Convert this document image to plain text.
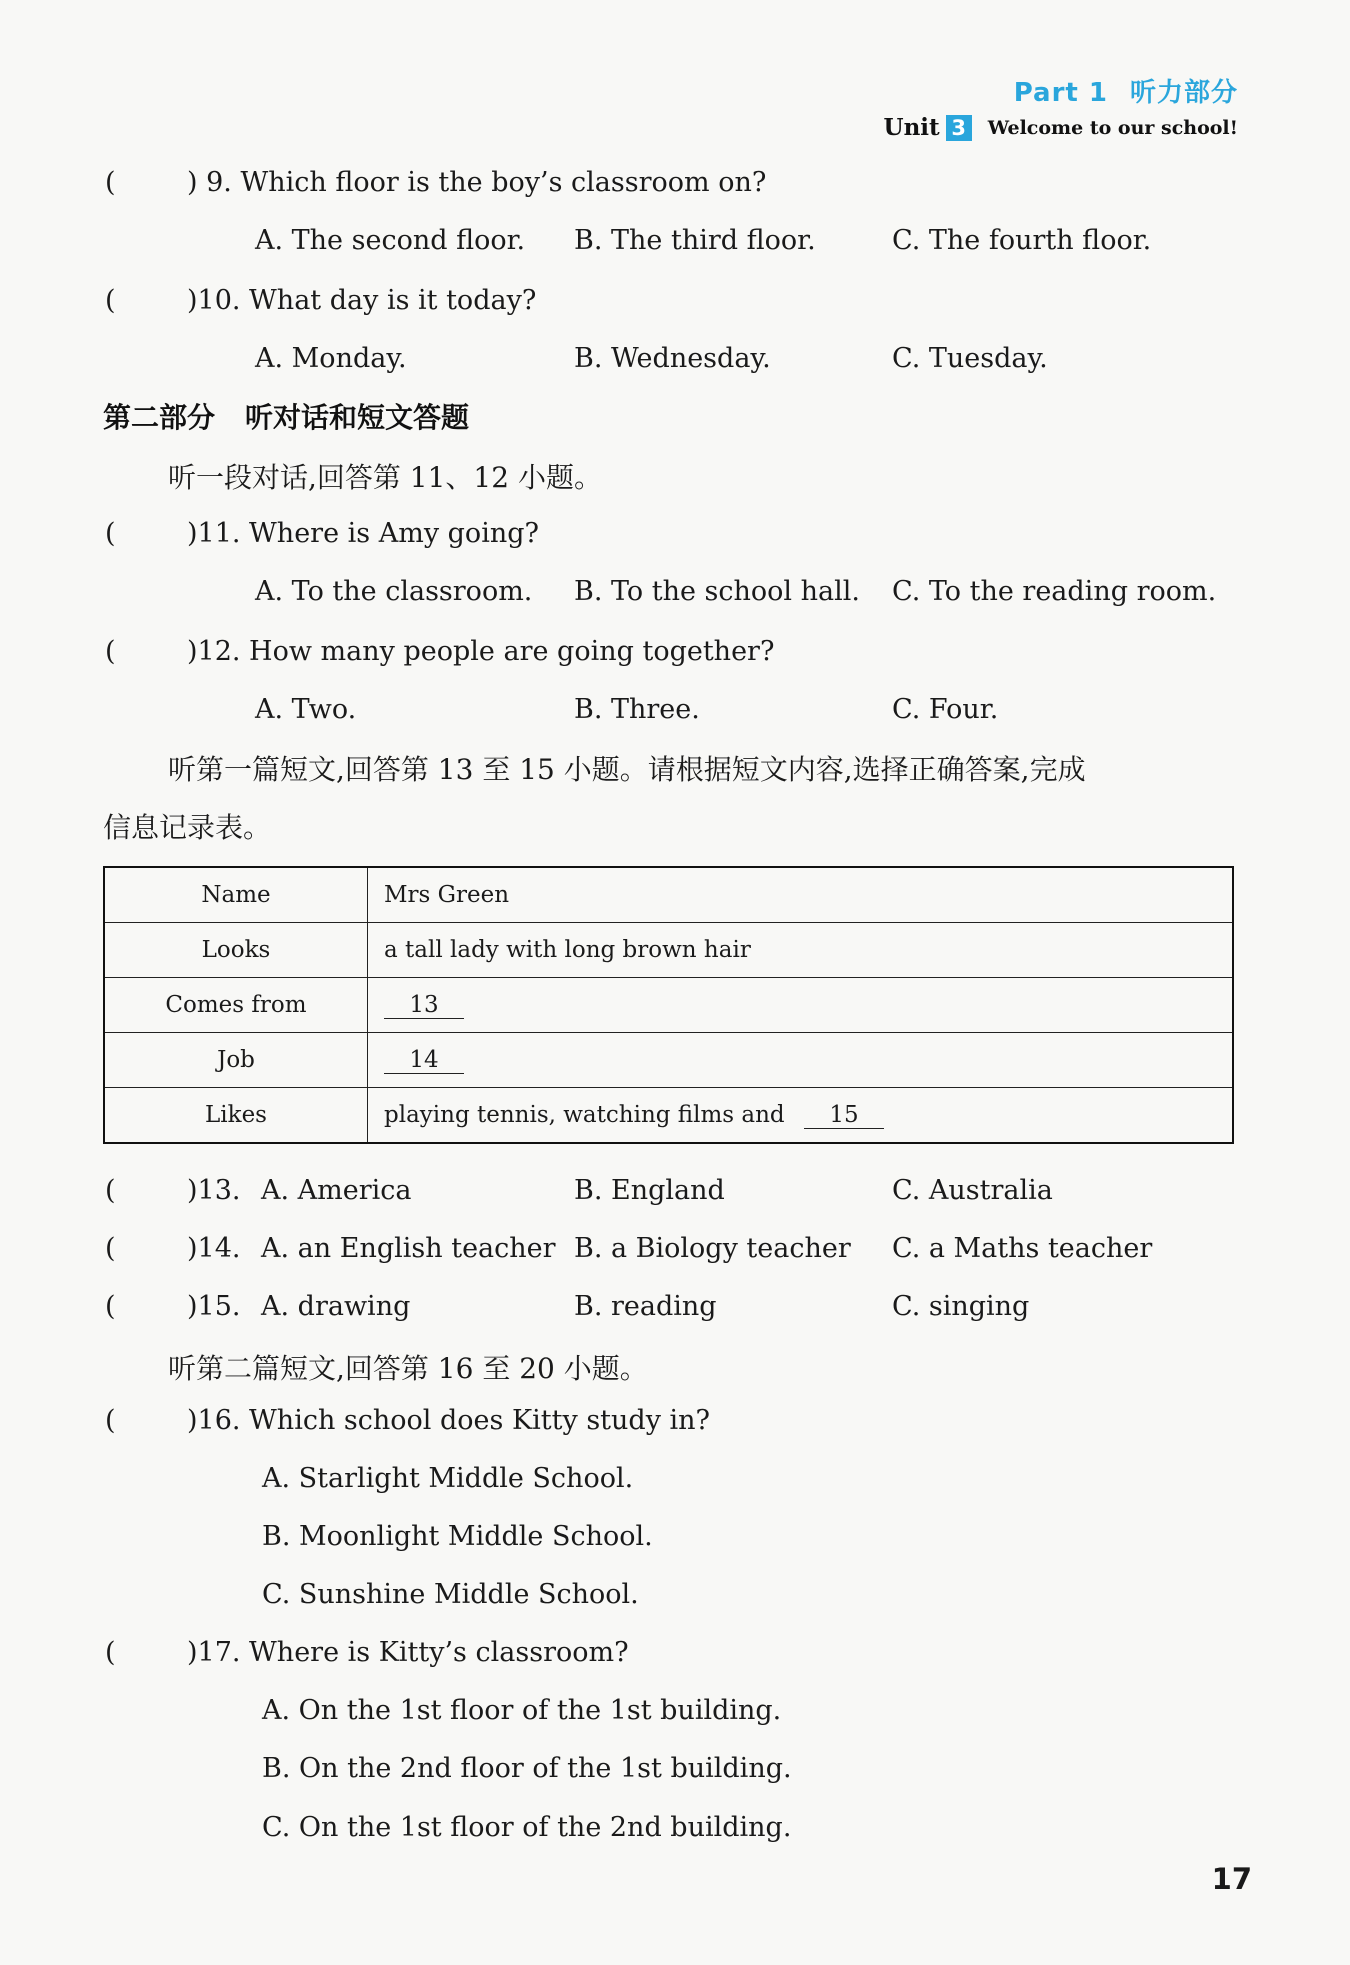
Part 1 听力部分
Unit 3 Welcome to our school!
(	) 9. Which floor is the boy’s classroom on?
A. The second floor. B. The third floor.	C. The fourth floor.
(	)10. What day is it today?
A. Monday.	B. Wednesday.	C. Tuesday.
第二部分 听对话和短文答题
听一段对话,回答第 11、12 小题。
(	)11. Where is Amy going?
A. To the classroom. B. To the school hall. C. To the reading room.
(	)12. How many people are going together?
A. Two.	B. Three.	C. Four.
听第一篇短文,回答第 13 至 15 小题。请根据短文内容,选择正确答案,完成
信息记录表。
Name	Mrs Green
Looks	a tall lady with long brown hair
Comes from	13
Job	14
Likes	playing tennis, watching films and 15
(	)13. A. America	B. England	C. Australia
(	)14. A. an English teacher B. a Biology teacher C. a Maths teacher
(	)15. A. drawing	B. reading	C. singing
听第二篇短文,回答第 16 至 20 小题。
(	)16. Which school does Kitty study in?
A. Starlight Middle School.
B. Moonlight Middle School.
C. Sunshine Middle School.
(	)17. Where is Kitty’s classroom?
A. On the 1st floor of the 1st building.
B. On the 2nd floor of the 1st building.
C. On the 1st floor of the 2nd building.
17
